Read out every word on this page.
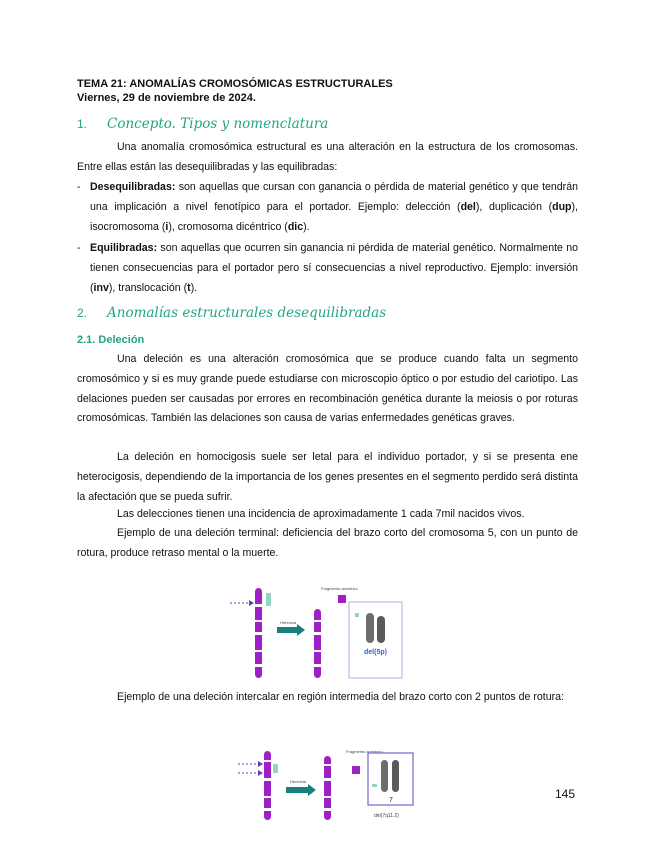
TEMA 21: ANOMALÍAS CROMOSÓMICAS ESTRUCTURALES
Viernes, 29 de noviembre de 2024.
1. Concepto. Tipos y nomenclatura
Una anomalía cromosómica estructural es una alteración en la estructura de los cromosomas. Entre ellas están las desequilibradas y las equilibradas:
- Desequilibradas: son aquellas que cursan con ganancia o pérdida de material genético y que tendrán una implicación a nivel fenotípico para el portador. Ejemplo: delección (del), duplicación (dup), isocromosoma (i), cromosoma dicéntrico (dic).
- Equilibradas: son aquellas que ocurren sin ganancia ni pérdida de material genético. Normalmente no tienen consecuencias para el portador pero sí consecuencias a nivel reproductivo. Ejemplo: inversión (inv), translocación (t).
2. Anomalías estructurales desequilibradas
2.1. Deleción
Una deleción es una alteración cromosómica que se produce cuando falta un segmento cromosómico y si es muy grande puede estudiarse con microscopio óptico o por estudio del cariotipo. Las delaciones pueden ser causadas por errores en recombinación genética durante la meiosis o por roturas cromosómicas. También las delaciones son causa de varias enfermedades genéticas graves.
La deleción en homocigosis suele ser letal para el individuo portador, y si se presenta ene heterocigosis, dependiendo de la importancia de los genes presentes en el segmento perdido será distinta la afectación que se pueda sufrir.
Las delecciones tienen una incidencia de aproximadamente 1 cada 7mil nacidos vivos.
Ejemplo de una deleción terminal: deficiencia del brazo corto del cromosoma 5, con un punto de rotura, produce retraso mental o la muerte.
Herencia
Fragmento acéntrico
del(5p)
Ejemplo de una deleción intercalar en región intermedia del brazo corto con 2 puntos de rotura:
Herencia
Fragmento acéntrico
7
del(7q11.2)
145
